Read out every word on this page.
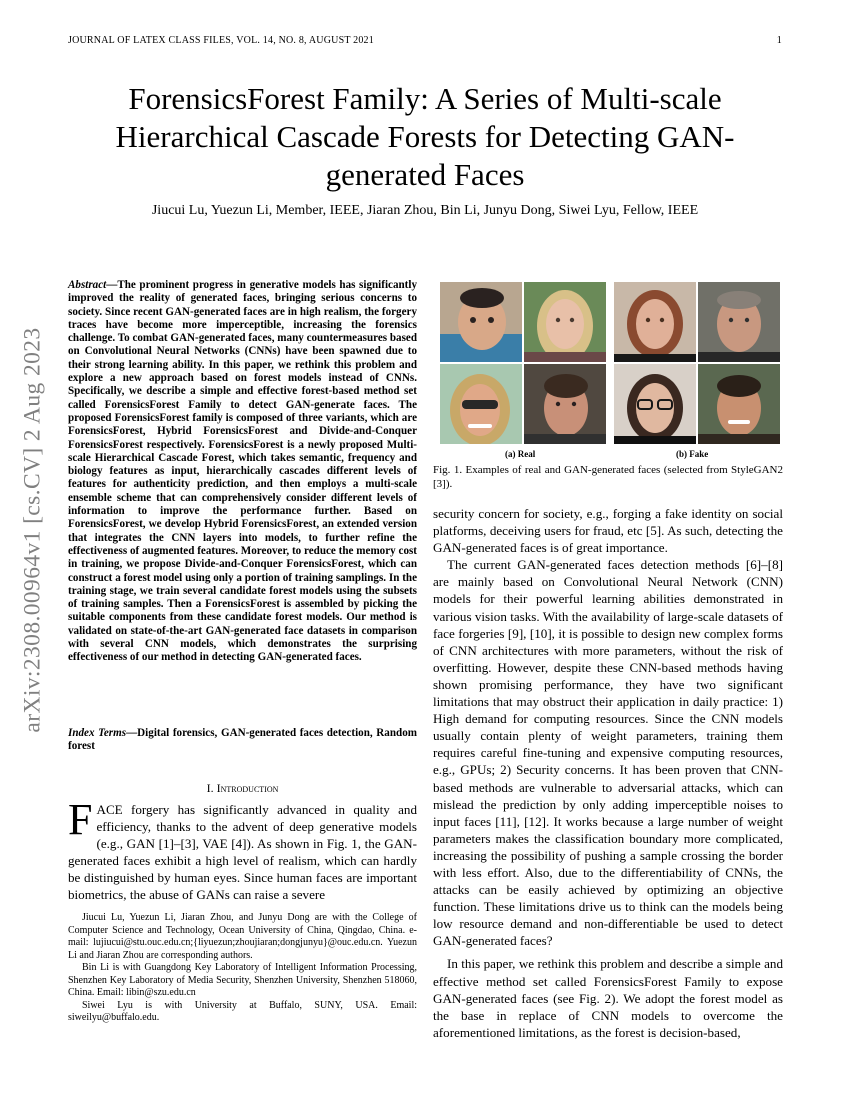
JOURNAL OF LATEX CLASS FILES, VOL. 14, NO. 8, AUGUST 2021	1
arXiv:2308.00964v1 [cs.CV] 2 Aug 2023
ForensicsForest Family: A Series of Multi-scale Hierarchical Cascade Forests for Detecting GAN-generated Faces
Jiucui Lu, Yuezun Li, Member, IEEE, Jiaran Zhou, Bin Li, Junyu Dong, Siwei Lyu, Fellow, IEEE
Abstract—The prominent progress in generative models has significantly improved the reality of generated faces, bringing serious concerns to society. Since recent GAN-generated faces are in high realism, the forgery traces have become more imperceptible, increasing the forensics challenge. To combat GAN-generated faces, many countermeasures based on Convolutional Neural Networks (CNNs) have been spawned due to their strong learning ability. In this paper, we rethink this problem and explore a new approach based on forest models instead of CNNs. Specifically, we describe a simple and effective forest-based method set called ForensicsForest Family to detect GAN-generate faces. The proposed ForensicsForest family is composed of three variants, which are ForensicsForest, Hybrid ForensicsForest and Divide-and-Conquer ForensicsForest respectively. ForensicsForest is a newly proposed Multi-scale Hierarchical Cascade Forest, which takes semantic, frequency and biology features as input, hierarchically cascades different levels of features for authenticity prediction, and then employs a multi-scale ensemble scheme that can comprehensively consider different levels of information to improve the performance further. Based on ForensicsForest, we develop Hybrid ForensicsForest, an extended version that integrates the CNN layers into models, to further refine the effectiveness of augmented features. Moreover, to reduce the memory cost in training, we propose Divide-and-Conquer ForensicsForest, which can construct a forest model using only a portion of training samplings. In the training stage, we train several candidate forest models using the subsets of training samples. Then a ForensicsForest is assembled by picking the suitable components from these candidate forest models. Our method is validated on state-of-the-art GAN-generated face datasets in comparison with several CNN models, which demonstrates the surprising effectiveness of our method in detecting GAN-generated faces.
Index Terms—Digital forensics, GAN-generated faces detection, Random forest
I. Introduction
FACE forgery has significantly advanced in quality and efficiency, thanks to the advent of deep generative models (e.g., GAN [1]–[3], VAE [4]). As shown in Fig. 1, the GAN-generated faces exhibit a high level of realism, which can hardly be distinguished by human eyes. Since human faces are important biometrics, the abuse of GANs can raise a severe

Jiucui Lu, Yuezun Li, Jiaran Zhou, and Junyu Dong are with the College of Computer Science and Technology, Ocean University of China, Qingdao, China. e-mail: lujiucui@stu.ouc.edu.cn;{liyuezun;zhoujiaran;dongjunyu}@ouc.edu.cn. Yuezun Li and Jiaran Zhou are corresponding authors.

Bin Li is with Guangdong Key Laboratory of Intelligent Information Processing, Shenzhen Key Laboratory of Media Security, Shenzhen University, Shenzhen 518060, China. Email: libin@szu.edu.cn

Siwei Lyu is with University at Buffalo, SUNY, USA. Email: siweilyu@buffalo.edu.

(a) Real	(b) Fake
Fig. 1. Examples of real and GAN-generated faces (selected from StyleGAN2 [3]).

security concern for society, e.g., forging a fake identity on social platforms, deceiving users for fraud, etc [5]. As such, detecting the GAN-generated faces is of great importance.

The current GAN-generated faces detection methods [6]–[8] are mainly based on Convolutional Neural Network (CNN) models for their powerful learning abilities demonstrated in various vision tasks. With the availability of large-scale datasets of face forgeries [9], [10], it is possible to design new complex forms of CNN architectures with more parameters, without the risk of overfitting. However, despite these CNN-based methods having shown promising performance, they have two significant limitations that may obstruct their application in daily practice: 1) High demand for computing resources. Since the CNN models usually contain plenty of weight parameters, training them requires careful fine-tuning and expensive computing resources, e.g., GPUs; 2) Security concerns. It has been proven that CNN-based methods are vulnerable to adversarial attacks, which can mislead the prediction by only adding imperceptible noises to input faces [11], [12]. It works because a large number of weight parameters makes the classification boundary more complicated, increasing the possibility of pushing a sample crossing the border with less effort. Also, due to the differentiability of CNNs, the attacks can be easily achieved by optimizing an objective function. These limitations drive us to think can the models being low resource demand and non-differentiable be used to detect GAN-generated faces?

In this paper, we rethink this problem and describe a simple and effective method set called ForensicsForest Family to expose GAN-generated faces (see Fig. 2). We adopt the forest model as the base in replace of CNN models to overcome the aforementioned limitations, as the forest is decision-based,
